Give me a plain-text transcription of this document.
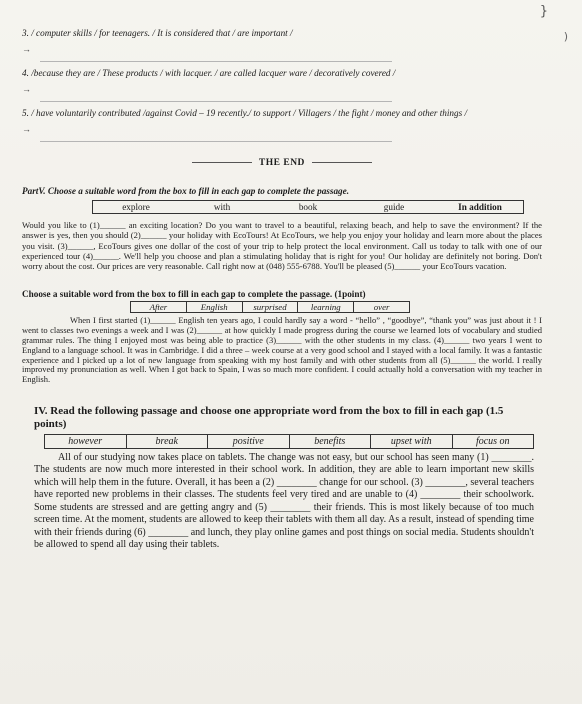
}
)

3. / computer skills / for teenagers. / It is considered that / are important /

→

4. /because they are / These products / with lacquer. / are called lacquer ware / decoratively covered /

→

5. / have voluntarily contributed /against Covid – 19 recently./ to support / Villagers / the fight / money and other things /

→
THE END

PartV. Choose a suitable word from the box to fill in each gap to complete the passage.

explore	with	book	guide	In addition

Would you like to (1)______ an exciting location? Do you want to travel to a beautiful, relaxing beach, and help to save the environment? If the answer is yes, then you should (2)______ your holiday with EcoTours! At EcoTours, we help you enjoy your holiday and learn more about the places you visit. (3)______, EcoTours gives one dollar of the cost of your trip to help protect the local environment. Call us today to talk with one of our experienced tour (4)______. We'll help you choose and plan a stimulating holiday that is right for you! Our holiday are definitely not boring. Don't worry about the cost. Our prices are very reasonable. Call right now at (048) 555-6788. You'll be pleased (5)______ your EcoTours vacation.

Choose a suitable word from the box to fill in each gap to complete the passage. (1point)

After	English	surprised	learning	over

When I first started (1)______ English ten years ago, I could hardly say a word - “hello” , “goodbye”, “thank you” was just about it ! I went to classes two evenings a week and I was (2)______ at how quickly I made progress during the course we learned lots of vocabulary and studied grammar rules. The thing I enjoyed most was being able to practice (3)______ with the other students in my class. (4)______ two years I went to England to a language school. It was in Cambridge. I did a three – week course at a very good school and I stayed with a local family. It was a fantastic experience and I picked up a lot of new language from speaking with my host family and with other students from all (5)______ the world. I really improved my pronunciation as well. When I got back to Spain, I was so much more confident. I could actually hold a conversation with my teacher in English.

IV. Read the following passage and choose one appropriate word from the box to fill in each gap (1.5 points)

however	break	positive	benefits	upset with	focus on

All of our studying now takes place on tablets. The change was not easy, but our school has seen many (1) ________. The students are now much more interested in their school work. In addition, they are able to learn important new skills which will help them in the future. Overall, it has been a (2) ________ change for our school. (3) ________, several teachers have reported new problems in their classes. The students feel very tired and are unable to (4) ________ their schoolwork. Some students are stressed and are getting angry and (5) ________ their friends. This is most likely because of too much screen time. At the moment, students are allowed to keep their tablets with them all day. As a result, instead of spending time with their friends during (6) ________ and lunch, they play online games and post things on social media. Students shouldn't be allowed to spend all day using their tablets.
